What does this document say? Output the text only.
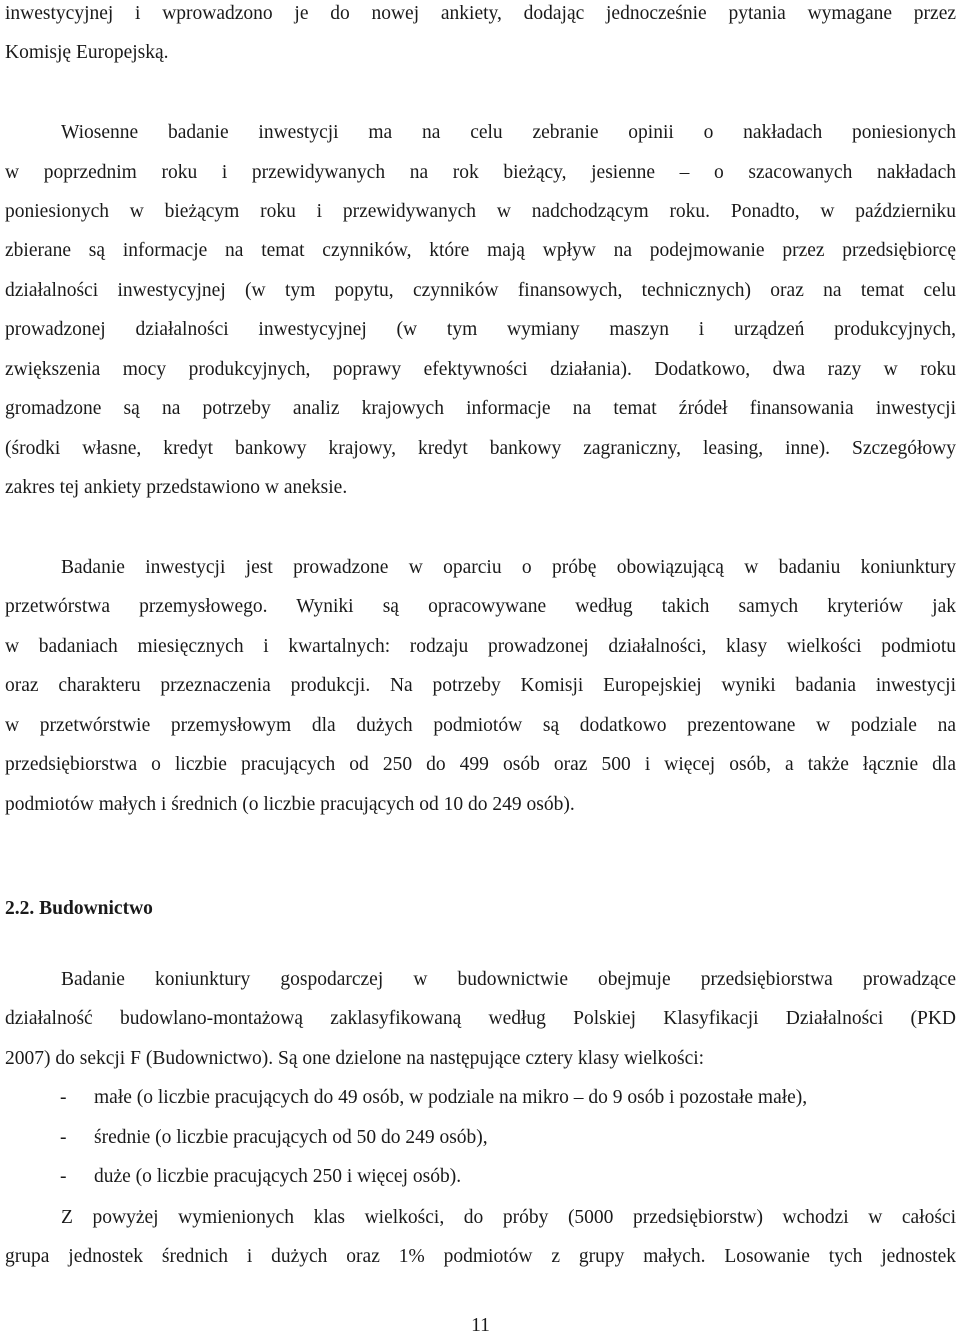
inwestycyjnej i wprowadzono je do nowej ankiety, dodając jednocześnie pytania wymagane przez
Komisję Europejską.
Wiosenne badanie inwestycji ma na celu zebranie opinii o nakładach poniesionych
w poprzednim roku i przewidywanych na rok bieżący, jesienne – o szacowanych nakładach
poniesionych w bieżącym roku i przewidywanych w nadchodzącym roku. Ponadto, w październiku
zbierane są informacje na temat czynników, które mają wpływ na podejmowanie przez przedsiębiorcę
działalności inwestycyjnej (w tym popytu, czynników finansowych, technicznych) oraz na temat celu
prowadzonej działalności inwestycyjnej (w tym wymiany maszyn i urządzeń produkcyjnych,
zwiększenia mocy produkcyjnych, poprawy efektywności działania). Dodatkowo, dwa razy w roku
gromadzone są na potrzeby analiz krajowych informacje na temat źródeł finansowania inwestycji
(środki własne, kredyt bankowy krajowy, kredyt bankowy zagraniczny, leasing, inne). Szczegółowy
zakres tej ankiety przedstawiono w aneksie.
Badanie inwestycji jest prowadzone w oparciu o próbę obowiązującą w badaniu koniunktury
przetwórstwa przemysłowego. Wyniki są opracowywane według takich samych kryteriów jak
w badaniach miesięcznych i kwartalnych: rodzaju prowadzonej działalności, klasy wielkości podmiotu
oraz charakteru przeznaczenia produkcji. Na potrzeby Komisji Europejskiej wyniki badania inwestycji
w przetwórstwie przemysłowym dla dużych podmiotów są dodatkowo prezentowane w podziale na
przedsiębiorstwa o liczbie pracujących od 250 do 499 osób oraz 500 i więcej osób, a także łącznie dla
podmiotów małych i średnich (o liczbie pracujących od 10 do 249 osób).
2.2. Budownictwo
Badanie koniunktury gospodarczej w budownictwie obejmuje przedsiębiorstwa prowadzące
działalność budowlano-montażową zaklasyfikowaną według Polskiej Klasyfikacji Działalności (PKD
2007) do sekcji F (Budownictwo). Są one dzielone na następujące cztery klasy wielkości:
- małe (o liczbie pracujących do 49 osób, w podziale na mikro – do 9 osób i pozostałe małe),
- średnie (o liczbie pracujących od 50 do 249 osób),
- duże (o liczbie pracujących 250 i więcej osób).
Z powyżej wymienionych klas wielkości, do próby (5000 przedsiębiorstw) wchodzi w całości
grupa jednostek średnich i dużych oraz 1% podmiotów z grupy małych. Losowanie tych jednostek
11
